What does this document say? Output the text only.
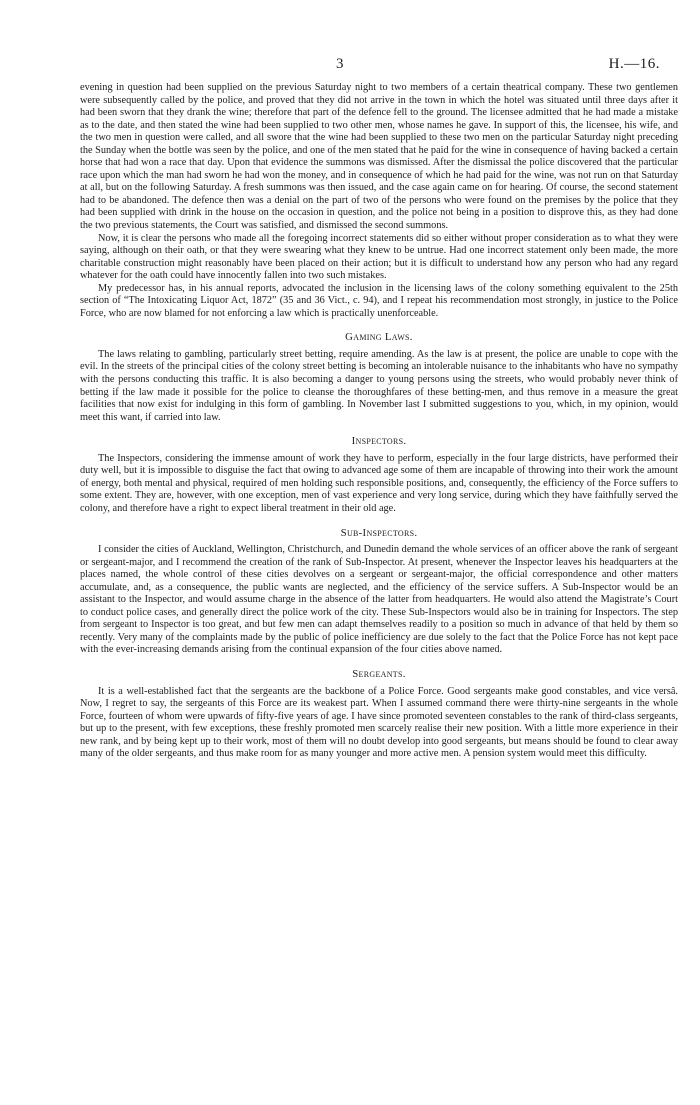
3	H.—16.

evening in question had been supplied on the previous Saturday night to two members of a certain theatrical company. These two gentlemen were subsequently called by the police, and proved that they did not arrive in the town in which the hotel was situated until three days after it had been sworn that they drank the wine; therefore that part of the defence fell to the ground. The licensee admitted that he had made a mistake as to the date, and then stated the wine had been supplied to two other men, whose names he gave. In support of this, the licensee, his wife, and the two men in question were called, and all swore that the wine had been supplied to these two men on the particular Saturday night preceding the Sunday when the bottle was seen by the police, and one of the men stated that he paid for the wine in consequence of having backed a certain horse that had won a race that day. Upon that evidence the summons was dismissed. After the dismissal the police discovered that the particular race upon which the man had sworn he had won the money, and in consequence of which he had paid for the wine, was not run on that Saturday at all, but on the following Saturday. A fresh summons was then issued, and the case again came on for hearing. Of course, the second statement had to be abandoned. The defence then was a denial on the part of two of the persons who were found on the premises by the police that they had been supplied with drink in the house on the occasion in question, and the police not being in a position to disprove this, as they had done the two previous statements, the Court was satisfied, and dismissed the second summons.

Now, it is clear the persons who made all the foregoing incorrect statements did so either without proper consideration as to what they were saying, although on their oath, or that they were swearing what they knew to be untrue. Had one incorrect statement only been made, the more charitable construction might reasonably have been placed on their action; but it is difficult to understand how any person who had any regard whatever for the oath could have innocently fallen into two such mistakes.

My predecessor has, in his annual reports, advocated the inclusion in the licensing laws of the colony something equivalent to the 25th section of “The Intoxicating Liquor Act, 1872” (35 and 36 Vict., c. 94), and I repeat his recommendation most strongly, in justice to the Police Force, who are now blamed for not enforcing a law which is practically unenforceable.

Gaming Laws.

The laws relating to gambling, particularly street betting, require amending. As the law is at present, the police are unable to cope with the evil. In the streets of the principal cities of the colony street betting is becoming an intolerable nuisance to the inhabitants who have no sympathy with the persons conducting this traffic. It is also becoming a danger to young persons using the streets, who would probably never think of betting if the law made it possible for the police to cleanse the thoroughfares of these betting-men, and thus remove in a measure the great facilities that now exist for indulging in this form of gambling. In November last I submitted suggestions to you, which, in my opinion, would meet this want, if carried into law.

Inspectors.

The Inspectors, considering the immense amount of work they have to perform, especially in the four large districts, have performed their duty well, but it is impossible to disguise the fact that owing to advanced age some of them are incapable of throwing into their work the amount of energy, both mental and physical, required of men holding such responsible positions, and, consequently, the efficiency of the Force suffers to some extent. They are, however, with one exception, men of vast experience and very long service, during which they have faithfully served the colony, and therefore have a right to expect liberal treatment in their old age.

Sub-Inspectors.

I consider the cities of Auckland, Wellington, Christchurch, and Dunedin demand the whole services of an officer above the rank of sergeant or sergeant-major, and I recommend the creation of the rank of Sub-Inspector. At present, whenever the Inspector leaves his headquarters at the places named, the whole control of these cities devolves on a sergeant or sergeant-major, the official correspondence and other matters accumulate, and, as a consequence, the public wants are neglected, and the efficiency of the service suffers. A Sub-Inspector would be an assistant to the Inspector, and would assume charge in the absence of the latter from headquarters. He would also attend the Magistrate’s Court to conduct police cases, and generally direct the police work of the city. These Sub-Inspectors would also be in training for Inspectors. The step from sergeant to Inspector is too great, and but few men can adapt themselves readily to a position so much in advance of that held by them so recently. Very many of the complaints made by the public of police inefficiency are due solely to the fact that the Police Force has not kept pace with the ever-increasing demands arising from the continual expansion of the four cities above named.

Sergeants.

It is a well-established fact that the sergeants are the backbone of a Police Force. Good sergeants make good constables, and vice versâ. Now, I regret to say, the sergeants of this Force are its weakest part. When I assumed command there were thirty-nine sergeants in the whole Force, fourteen of whom were upwards of fifty-five years of age. I have since promoted seventeen constables to the rank of third-class sergeants, but up to the present, with few exceptions, these freshly promoted men scarcely realise their new position. With a little more experience in their new rank, and by being kept up to their work, most of them will no doubt develop into good sergeants, but means should be found to clear away many of the older sergeants, and thus make room for as many younger and more active men. A pension system would meet this difficulty.
